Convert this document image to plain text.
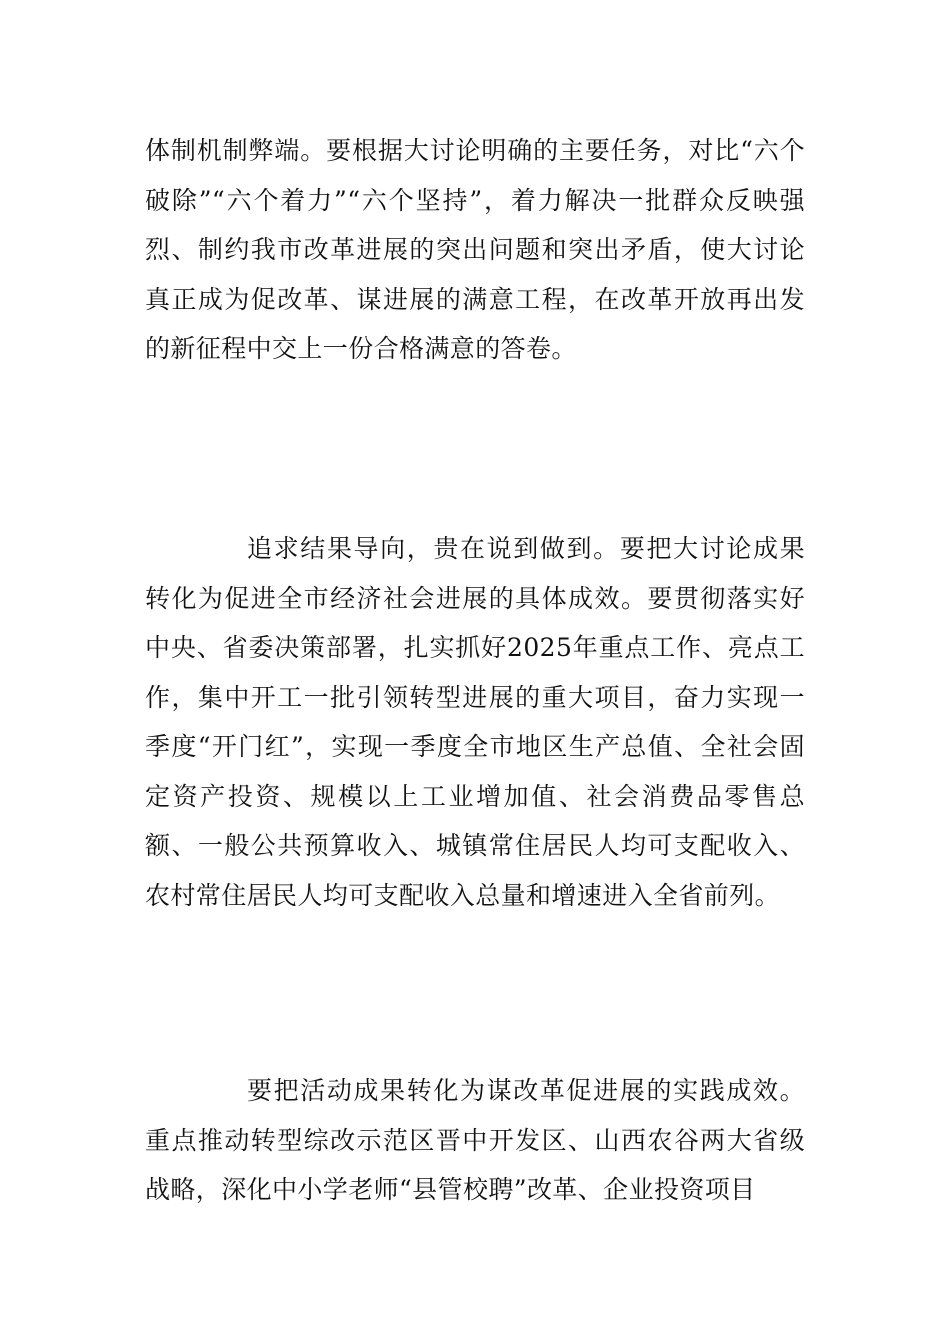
体制机制弊端。要根据大讨论明确的主要任务，对比“六个破除”“六个着力”“六个坚持”，着力解决一批群众反映强烈、制约我市改革进展的突出问题和突出矛盾，使大讨论真正成为促改革、谋进展的满意工程，在改革开放再出发的新征程中交上一份合格满意的答卷。

追求结果导向，贵在说到做到。要把大讨论成果转化为促进全市经济社会进展的具体成效。要贯彻落实好中央、省委决策部署，扎实抓好2025年重点工作、亮点工作，集中开工一批引领转型进展的重大项目，奋力实现一季度“开门红”，实现一季度全市地区生产总值、全社会固定资产投资、规模以上工业增加值、社会消费品零售总额、一般公共预算收入、城镇常住居民人均可支配收入、农村常住居民人均可支配收入总量和增速进入全省前列。

要把活动成果转化为谋改革促进展的实践成效。重点推动转型综改示范区晋中开发区、山西农谷两大省级战略，深化中小学老师“县管校聘”改革、企业投资项目
